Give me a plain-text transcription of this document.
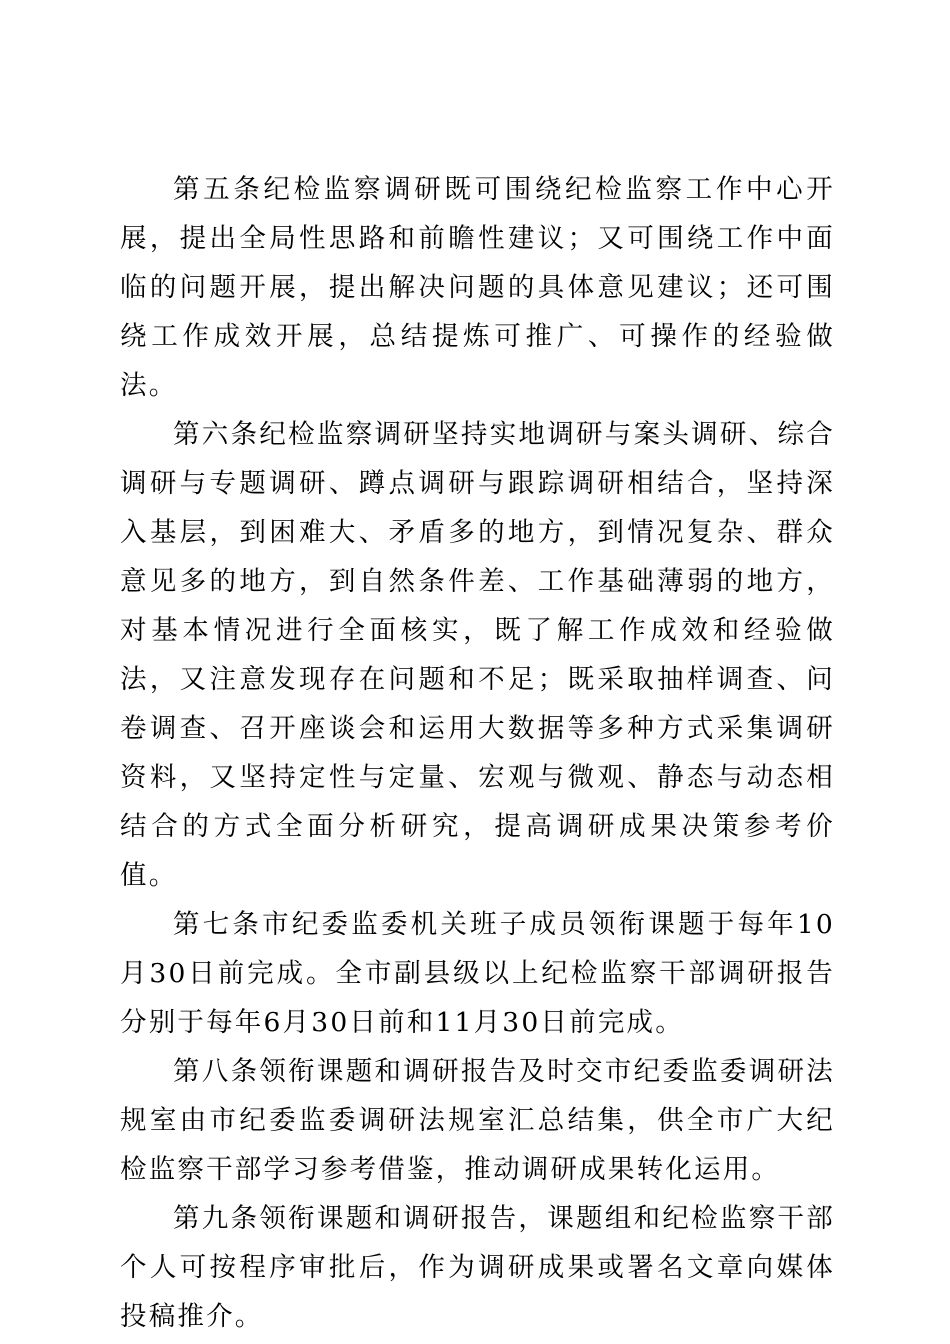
第五条纪检监察调研既可围绕纪检监察工作中心开展，提出全局性思路和前瞻性建议；又可围绕工作中面临的问题开展，提出解决问题的具体意见建议；还可围绕工作成效开展，总结提炼可推广、可操作的经验做法。

第六条纪检监察调研坚持实地调研与案头调研、综合调研与专题调研、蹲点调研与跟踪调研相结合，坚持深入基层，到困难大、矛盾多的地方，到情况复杂、群众意见多的地方，到自然条件差、工作基础薄弱的地方，对基本情况进行全面核实，既了解工作成效和经验做法，又注意发现存在问题和不足；既采取抽样调查、问卷调查、召开座谈会和运用大数据等多种方式采集调研资料，又坚持定性与定量、宏观与微观、静态与动态相结合的方式全面分析研究，提高调研成果决策参考价值。

第七条市纪委监委机关班子成员领衔课题于每年10月30日前完成。全市副县级以上纪检监察干部调研报告分别于每年6月30日前和11月30日前完成。

第八条领衔课题和调研报告及时交市纪委监委调研法规室由市纪委监委调研法规室汇总结集，供全市广大纪检监察干部学习参考借鉴，推动调研成果转化运用。

第九条领衔课题和调研报告，课题组和纪检监察干部个人可按程序审批后，作为调研成果或署名文章向媒体投稿推介。
